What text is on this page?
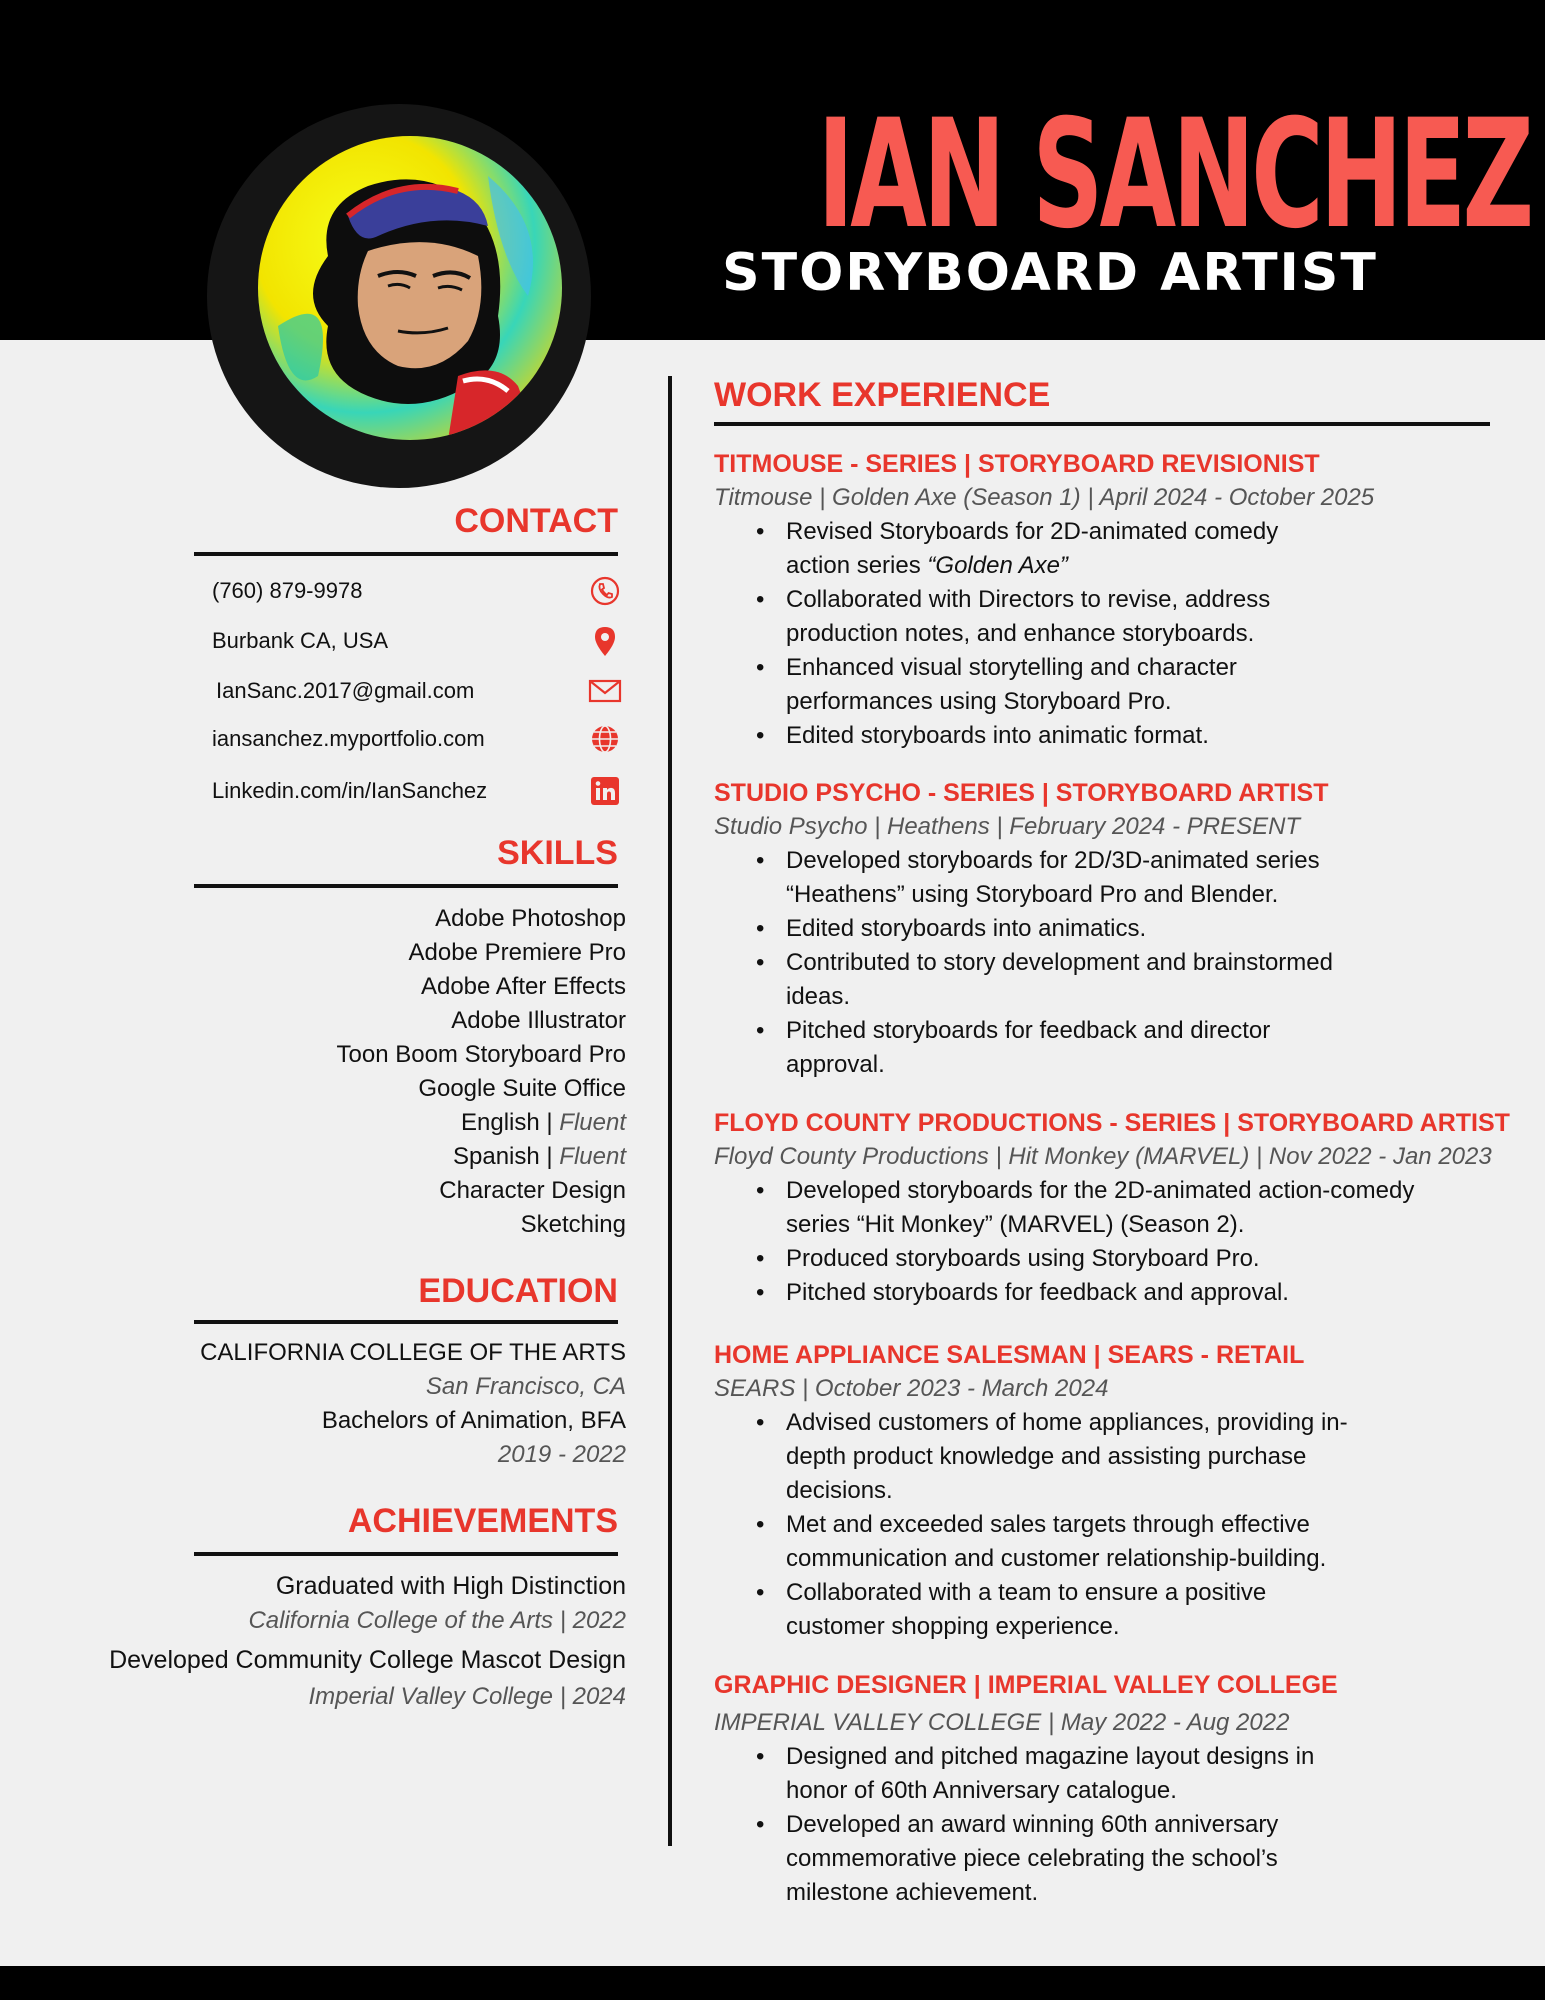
IAN SANCHEZ
STORYBOARD ARTIST
CONTACT
(760) 879-9978
Burbank CA, USA
IanSanc.2017@gmail.com
iansanchez.myportfolio.com
Linkedin.com/in/IanSanchez
SKILLS
Adobe Photoshop
Adobe Premiere Pro
Adobe After Effects
Adobe Illustrator
Toon Boom Storyboard Pro
Google Suite Office
English | Fluent
Spanish | Fluent
Character Design
Sketching
EDUCATION
CALIFORNIA COLLEGE OF THE ARTS
San Francisco, CA
Bachelors of Animation, BFA
2019 - 2022
ACHIEVEMENTS
Graduated with High Distinction
California College of the Arts | 2022
Developed Community College Mascot Design
Imperial Valley College | 2024
WORK EXPERIENCE
TITMOUSE - SERIES | STORYBOARD REVISIONIST
Titmouse | Golden Axe (Season 1) | April 2024 - October 2025
• Revised Storyboards for 2D-animated comedy action series “Golden Axe”
• Collaborated with Directors to revise, address production notes, and enhance storyboards.
• Enhanced visual storytelling and character performances using Storyboard Pro.
• Edited storyboards into animatic format.
STUDIO PSYCHO - SERIES | STORYBOARD ARTIST
Studio Psycho | Heathens | February 2024 - PRESENT
• Developed storyboards for 2D/3D-animated series “Heathens” using Storyboard Pro and Blender.
• Edited storyboards into animatics.
• Contributed to story development and brainstormed ideas.
• Pitched storyboards for feedback and director approval.
FLOYD COUNTY PRODUCTIONS - SERIES | STORYBOARD ARTIST
Floyd County Productions | Hit Monkey (MARVEL) | Nov 2022 - Jan 2023
• Developed storyboards for the 2D-animated action-comedy series “Hit Monkey” (MARVEL) (Season 2).
• Produced storyboards using Storyboard Pro.
• Pitched storyboards for feedback and approval.
HOME APPLIANCE SALESMAN | SEARS - RETAIL
SEARS | October 2023 - March 2024
• Advised customers of home appliances, providing in-depth product knowledge and assisting purchase decisions.
• Met and exceeded sales targets through effective communication and customer relationship-building.
• Collaborated with a team to ensure a positive customer shopping experience.
GRAPHIC DESIGNER | IMPERIAL VALLEY COLLEGE
IMPERIAL VALLEY COLLEGE | May 2022 - Aug 2022
• Designed and pitched magazine layout designs in honor of 60th Anniversary catalogue.
• Developed an award winning 60th anniversary commemorative piece celebrating the school’s milestone achievement.
